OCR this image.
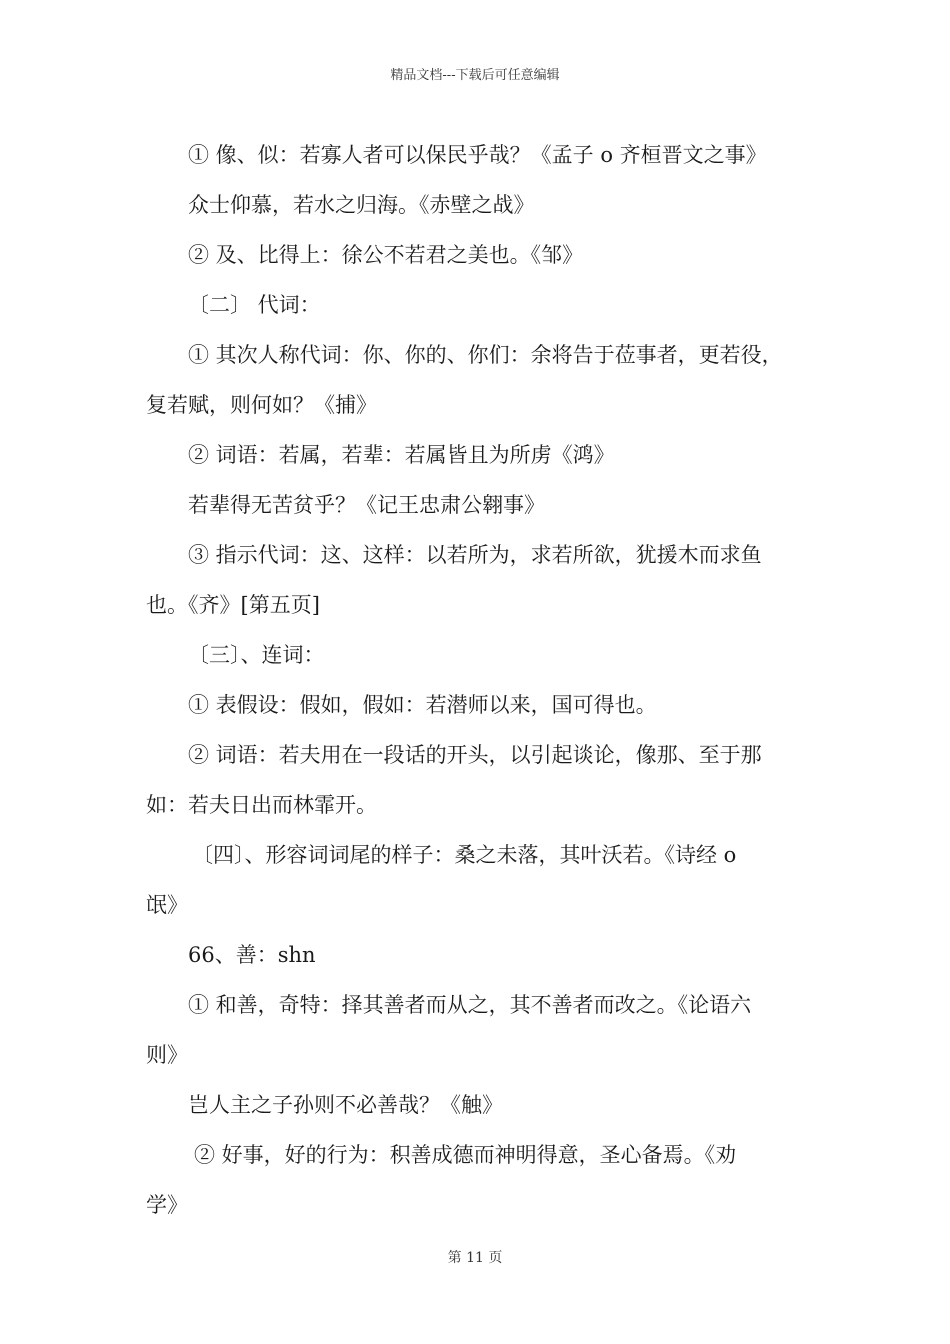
精品文档---下载后可任意编辑
① 像、似：若寡人者可以保民乎哉？《孟子 o 齐桓晋文之事》
众士仰慕，若水之归海。《赤壁之战》
② 及、比得上：徐公不若君之美也。《邹》
〔二〕 代词：
① 其次人称代词：你、你的、你们：余将告于莅事者，更若役，
复若赋，则何如？《捕》
② 词语：若属，若辈：若属皆且为所虏《鸿》
若辈得无苦贫乎？《记王忠肃公翱事》
③ 指示代词：这、这样：以若所为，求若所欲，犹援木而求鱼
也。《齐》[第五页]
〔三〕、连词：
① 表假设：假如，假如：若潜师以来，国可得也。
② 词语：若夫用在一段话的开头，以引起谈论，像那、至于那
如：若夫日出而林霏开。
〔四〕、形容词词尾的样子：桑之未落，其叶沃若。《诗经 o
氓》
66、善：shn
① 和善，奇特：择其善者而从之，其不善者而改之。《论语六
则》
岂人主之子孙则不必善哉？《触》
② 好事，好的行为：积善成德而神明得意，圣心备焉。《劝
学》
第 11 页
